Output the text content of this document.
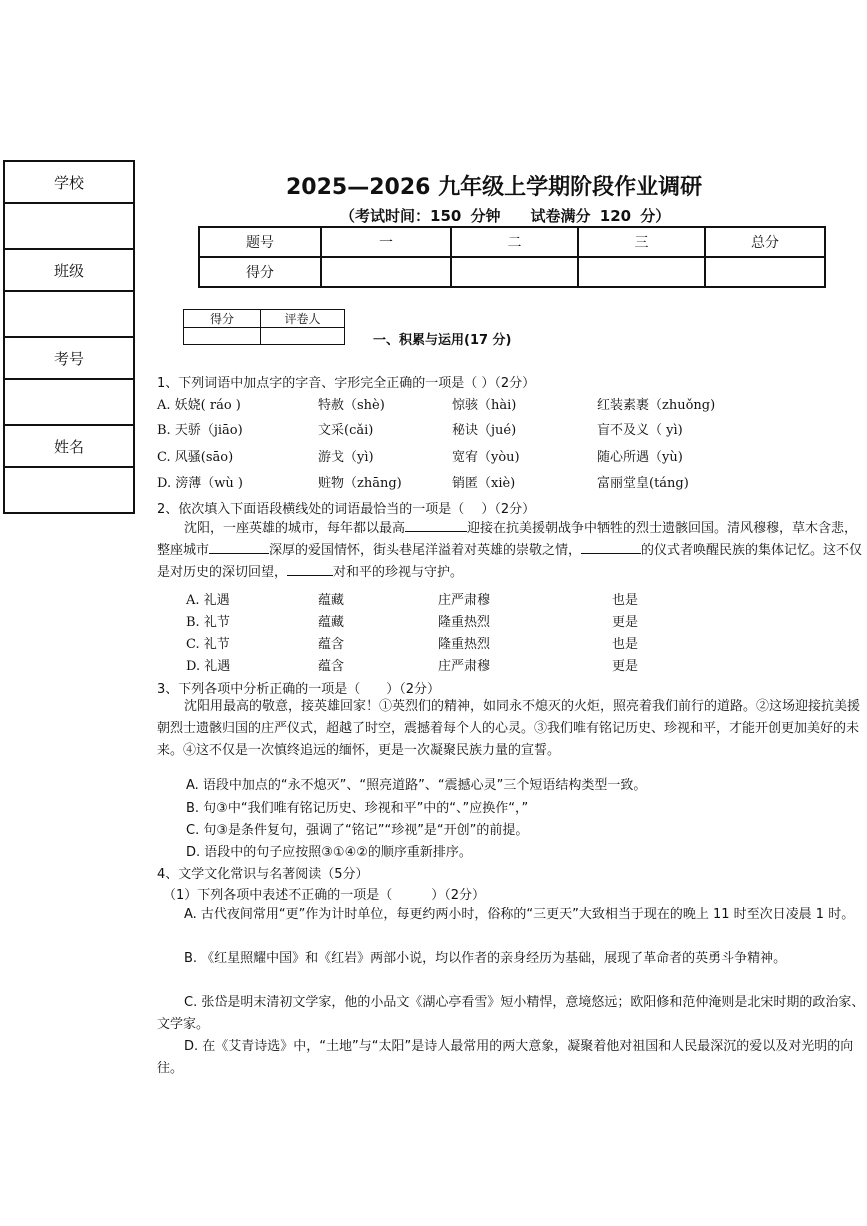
学校
班级
考号
姓名
2025—2026 九年级上学期阶段作业调研
（考试时间：150 分钟　　试卷满分 120 分）
题号	一	二	三	总分
得分				
得分	评卷人

一、积累与运用(17 分)
1、下列词语中加点字的字音、字形完全正确的一项是（ ）（2分）
A. 妖娆( ráo )	特赦（shè)	惊骇（hài)	红装素裹（zhuǒng)
B. 天骄（jiāo)	文采(cǎi)	秘诀（jué)	盲不及义（ yì)
C. 风骚(sāo)	游戈（yì)	宽宥（yòu)	随心所遇（yù)
D. 滂薄（wù )	赃物（zhāng)	销匿（xiè)	富丽堂皇(táng)
2、依次填入下面语段横线处的词语最恰当的一项是（　 ）（2分）
沈阳，一座英雄的城市，每年都以最高	迎接在抗美援朝战争中牺牲的烈士遗骸回国。清风穆穆，草木含悲，整座城市	深厚的爱国情怀，街头巷尾洋溢着对英雄的崇敬之情，	的仪式者唤醒民族的集体记忆。这不仅是对历史的深切回望，	对和平的珍视与守护。
A. 礼遇	蕴藏	庄严肃穆	也是
B. 礼节	蕴藏	隆重热烈	更是
C. 礼节	蕴含	隆重热烈	也是
D. 礼遇	蕴含	庄严肃穆	更是
3、下列各项中分析正确的一项是（　　）（2分）
沈阳用最高的敬意，接英雄回家！①英烈们的精神，如同永不熄灭的火炬，照亮着我们前行的道路。②这场迎接抗美援朝烈士遗骸归国的庄严仪式，超越了时空，震撼着每个人的心灵。③我们唯有铭记历史、珍视和平，才能开创更加美好的未来。④这不仅是一次慎终追远的缅怀，更是一次凝聚民族力量的宣誓。
A. 语段中加点的“永不熄灭”、“照亮道路”、“震撼心灵”三个短语结构类型一致。
B. 句③中“我们唯有铭记历史、珍视和平”中的“、”应换作“，”
C. 句③是条件复句，强调了“铭记”“珍视”是“开创”的前提。
D. 语段中的句子应按照③①④②的顺序重新排序。
4、文学文化常识与名著阅读（5分）
（1）下列各项中表述不正确的一项是（　　　）（2分）
A. 古代夜间常用“更”作为计时单位，每更约两小时，俗称的“三更天”大致相当于现在的晚上 11 时至次日凌晨 1 时。
B. 《红星照耀中国》和《红岩》两部小说，均以作者的亲身经历为基础，展现了革命者的英勇斗争精神。
C. 张岱是明末清初文学家，他的小品文《湖心亭看雪》短小精悍，意境悠远；欧阳修和范仲淹则是北宋时期的政治家、文学家。
D. 在《艾青诗选》中，“土地”与“太阳”是诗人最常用的两大意象，凝聚着他对祖国和人民最深沉的爱以及对光明的向往。
